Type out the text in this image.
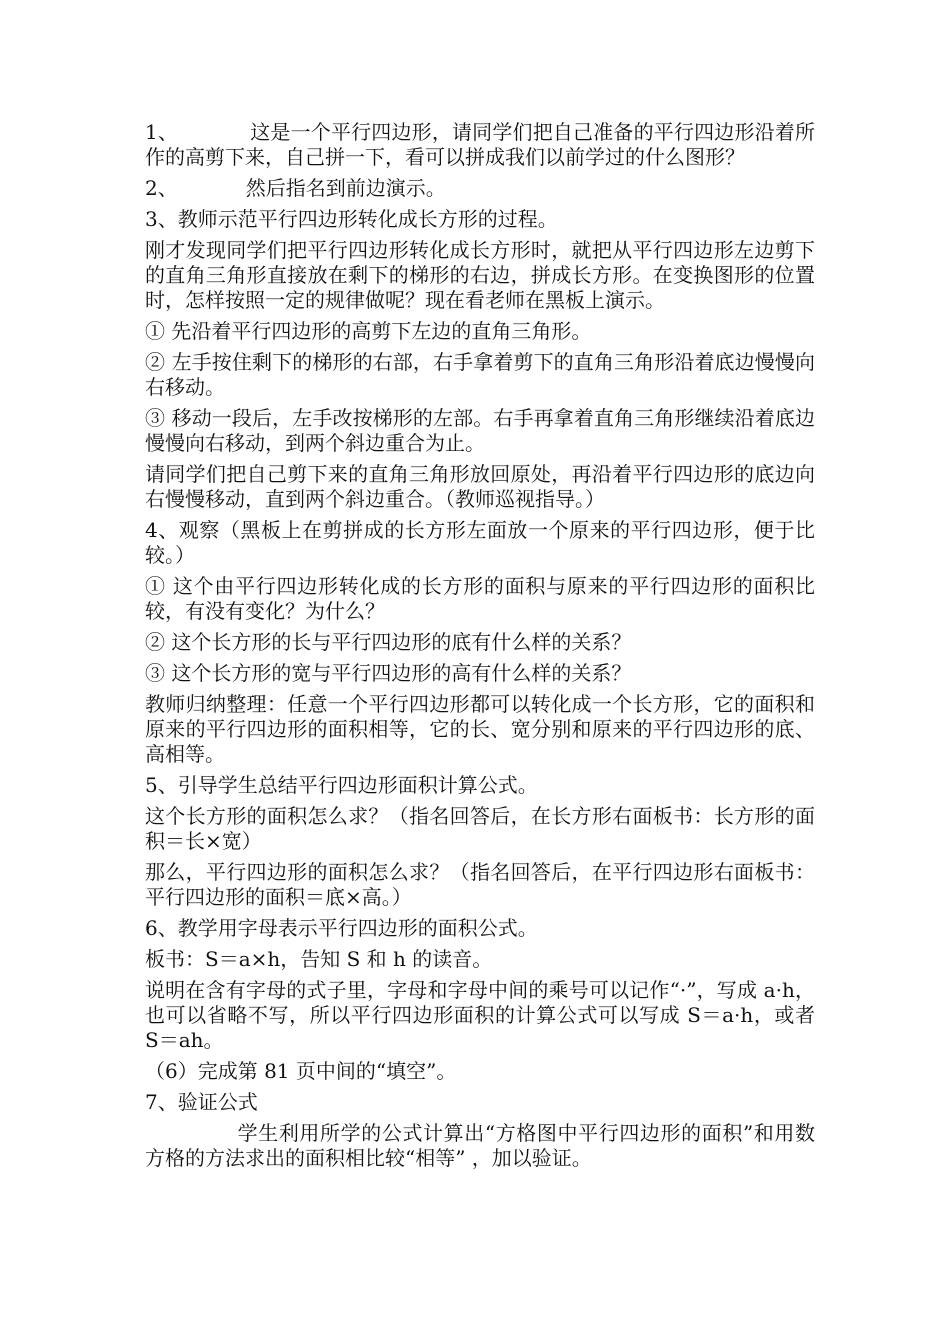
1、	这是一个平行四边形，请同学们把自己准备的平行四边形沿着所作的高剪下来，自己拼一下，看可以拼成我们以前学过的什么图形？

2、	然后指名到前边演示。

3、教师示范平行四边形转化成长方形的过程。

刚才发现同学们把平行四边形转化成长方形时，就把从平行四边形左边剪下的直角三角形直接放在剩下的梯形的右边，拼成长方形。在变换图形的位置时，怎样按照一定的规律做呢？现在看老师在黑板上演示。

① 先沿着平行四边形的高剪下左边的直角三角形。

② 左手按住剩下的梯形的右部，右手拿着剪下的直角三角形沿着底边慢慢向右移动。

③ 移动一段后，左手改按梯形的左部。右手再拿着直角三角形继续沿着底边慢慢向右移动，到两个斜边重合为止。

请同学们把自己剪下来的直角三角形放回原处，再沿着平行四边形的底边向右慢慢移动，直到两个斜边重合。（教师巡视指导。）

4、观察（黑板上在剪拼成的长方形左面放一个原来的平行四边形，便于比较。）

① 这个由平行四边形转化成的长方形的面积与原来的平行四边形的面积比较，有没有变化？为什么？

② 这个长方形的长与平行四边形的底有什么样的关系？

③ 这个长方形的宽与平行四边形的高有什么样的关系？

教师归纳整理：任意一个平行四边形都可以转化成一个长方形，它的面积和原来的平行四边形的面积相等，它的长、宽分别和原来的平行四边形的底、高相等。

5、引导学生总结平行四边形面积计算公式。

这个长方形的面积怎么求？（指名回答后，在长方形右面板书：长方形的面积＝长×宽）

那么，平行四边形的面积怎么求？（指名回答后，在平行四边形右面板书：平行四边形的面积＝底×高。）

6、教学用字母表示平行四边形的面积公式。

板书：S＝a×h，告知 S 和 h 的读音。

说明在含有字母的式子里，字母和字母中间的乘号可以记作“·”，写成 a·h，也可以省略不写，所以平行四边形面积的计算公式可以写成 S＝a·h，或者 S＝ah。

（6）完成第 81 页中间的“填空”。

7、验证公式

学生利用所学的公式计算出“方格图中平行四边形的面积”和用数方格的方法求出的面积相比较“相等” ，加以验证。
